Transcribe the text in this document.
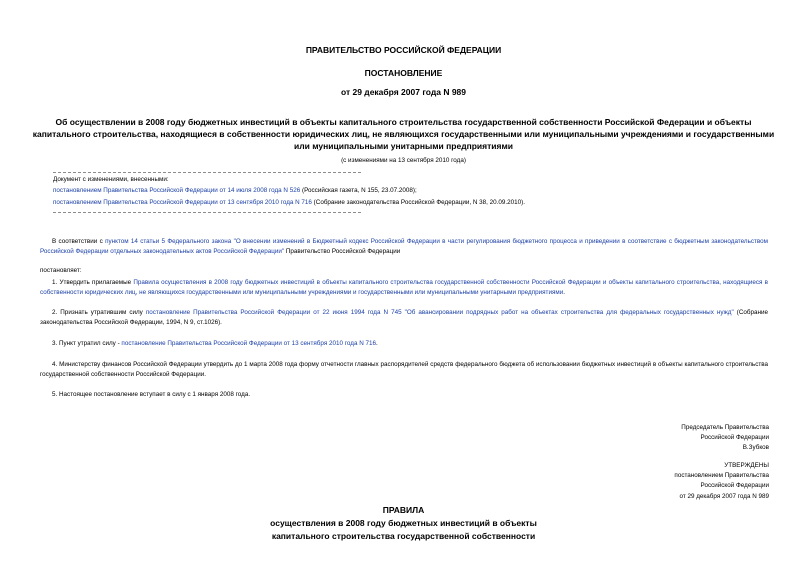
ПРАВИТЕЛЬСТВО РОССИЙСКОЙ ФЕДЕРАЦИИ
ПОСТАНОВЛЕНИЕ
от 29 декабря 2007 года N 989
Об осуществлении в 2008 году бюджетных инвестиций в объекты капитального строительства государственной собственности Российской Федерации и объекты капитального строительства, находящиеся в собственности юридических лиц, не являющихся государственными или муниципальными учреждениями и государственными или муниципальными унитарными предприятиями
(с изменениями на 13 сентября 2010 года)
Документ с изменениями, внесенными:
постановлением Правительства Российской Федерации от 14 июля 2008 года N 526 (Российская газета, N 155, 23.07.2008);
постановлением Правительства Российской Федерации от 13 сентября 2010 года N 716 (Собрание законодательства Российской Федерации, N 38, 20.09.2010).
В соответствии с пунктом 14 статьи 5 Федерального закона "О внесении изменений в Бюджетный кодекс Российской Федерации в части регулирования бюджетного процесса и приведении в соответствие с бюджетным законодательством Российской Федерации отдельных законодательных актов Российской Федерации" Правительство Российской Федерации
постановляет:
1. Утвердить прилагаемые Правила осуществления в 2008 году бюджетных инвестиций в объекты капитального строительства государственной собственности Российской Федерации и объекты капитального строительства, находящиеся в собственности юридических лиц, не являющихся государственными или муниципальными учреждениями и государственными или муниципальными унитарными предприятиями.
2. Признать утратившим силу постановление Правительства Российской Федерации от 22 июня 1994 года N 745 "Об авансировании подрядных работ на объектах строительства для федеральных государственных нужд" (Собрание законодательства Российской Федерации, 1994, N 9, ст.1026).
3. Пункт утратил силу - постановление Правительства Российской Федерации от 13 сентября 2010 года N 716.
4. Министерству финансов Российской Федерации утвердить до 1 марта 2008 года форму отчетности главных распорядителей средств федерального бюджета об использовании бюджетных инвестиций в объекты капитального строительства государственной собственности Российской Федерации.
5. Настоящее постановление вступает в силу с 1 января 2008 года.
Председатель Правительства
Российской Федерации
В.Зубков
УТВЕРЖДЕНЫ
постановлением Правительства
Российской Федерации
от 29 декабря 2007 года N 989
ПРАВИЛА
осуществления в 2008 году бюджетных инвестиций в объекты
капитального строительства государственной собственности
